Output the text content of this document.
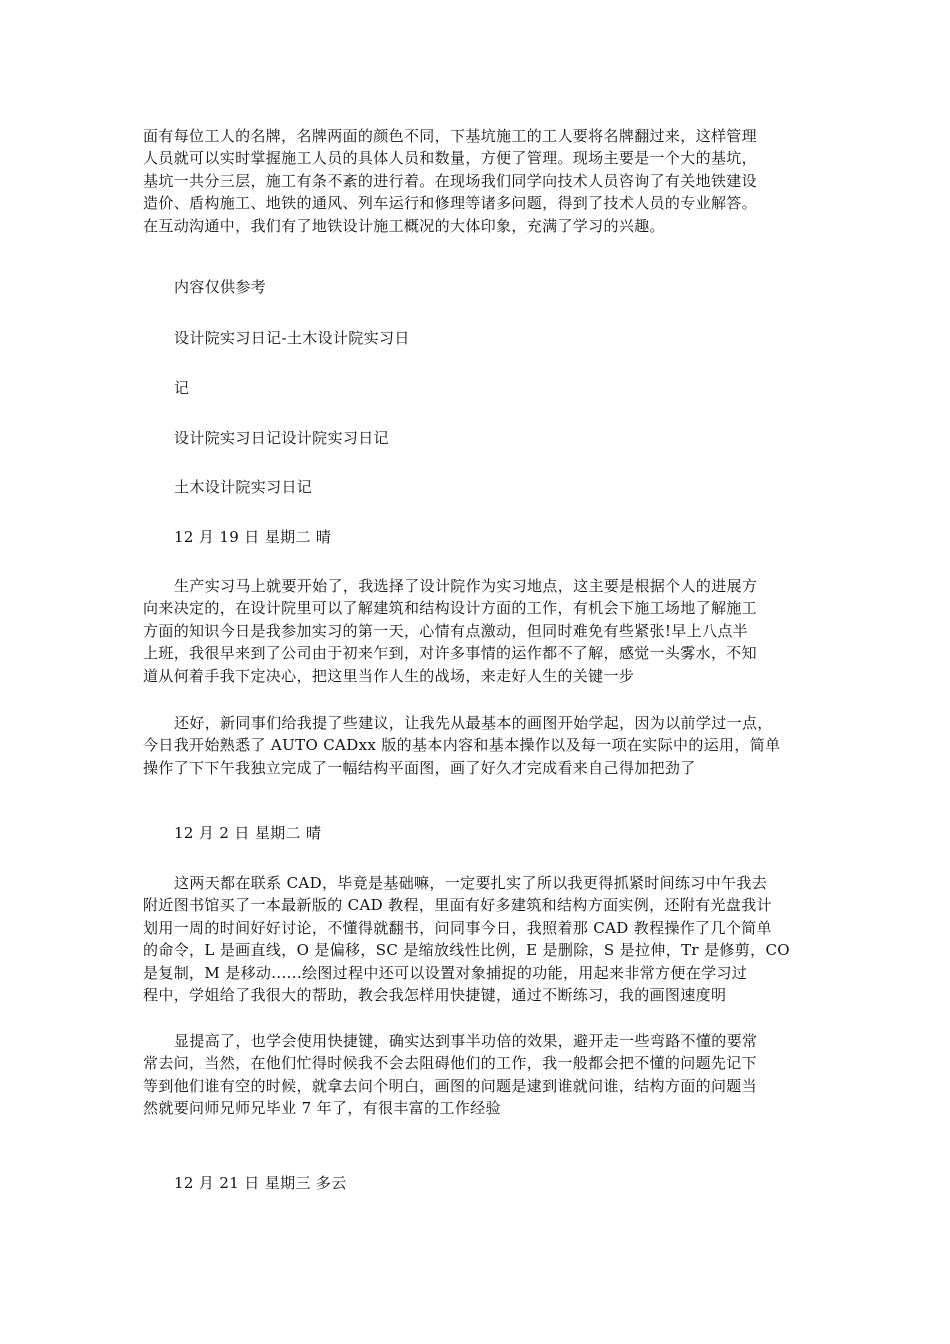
面有每位工人的名牌，名牌两面的颜色不同，下基坑施工的工人要将名牌翻过来，这样管理
人员就可以实时掌握施工人员的具体人员和数量，方便了管理。现场主要是一个大的基坑，
基坑一共分三层，施工有条不紊的进行着。在现场我们同学向技术人员咨询了有关地铁建设
造价、盾构施工、地铁的通风、列车运行和修理等诸多问题，得到了技术人员的专业解答。
在互动沟通中，我们有了地铁设计施工概况的大体印象，充满了学习的兴趣。

内容仅供参考

设计院实习日记-土木设计院实习日

记

设计院实习日记设计院实习日记

土木设计院实习日记

12 月 19 日 星期二 晴

生产实习马上就要开始了，我选择了设计院作为实习地点，这主要是根据个人的进展方
向来决定的，在设计院里可以了解建筑和结构设计方面的工作，有机会下施工场地了解施工
方面的知识今日是我参加实习的第一天，心情有点激动，但同时难免有些紧张!早上八点半
上班，我很早来到了公司由于初来乍到，对许多事情的运作都不了解，感觉一头雾水，不知
道从何着手我下定决心，把这里当作人生的战场，来走好人生的关键一步

还好，新同事们给我提了些建议，让我先从最基本的画图开始学起，因为以前学过一点，
今日我开始熟悉了 AUTO CADxx 版的基本内容和基本操作以及每一项在实际中的运用，简单
操作了下下午我独立完成了一幅结构平面图，画了好久才完成看来自己得加把劲了

12 月 2 日 星期二 晴

这两天都在联系 CAD，毕竟是基础嘛，一定要扎实了所以我更得抓紧时间练习中午我去
附近图书馆买了一本最新版的 CAD 教程，里面有好多建筑和结构方面实例，还附有光盘我计
划用一周的时间好好讨论，不懂得就翻书，问同事今日，我照着那 CAD 教程操作了几个简单
的命令，L 是画直线，O 是偏移，SC 是缩放线性比例，E 是删除，S 是拉伸，Tr 是修剪，CO
是复制，M 是移动......绘图过程中还可以设置对象捕捉的功能，用起来非常方便在学习过
程中，学姐给了我很大的帮助，教会我怎样用快捷键，通过不断练习，我的画图速度明

显提高了，也学会使用快捷键，确实达到事半功倍的效果，避开走一些弯路不懂的要常
常去问，当然，在他们忙得时候我不会去阻碍他们的工作，我一般都会把不懂的问题先记下
等到他们谁有空的时候，就拿去问个明白，画图的问题是逮到谁就问谁，结构方面的问题当
然就要问师兄师兄毕业 7 年了，有很丰富的工作经验

12 月 21 日 星期三 多云
